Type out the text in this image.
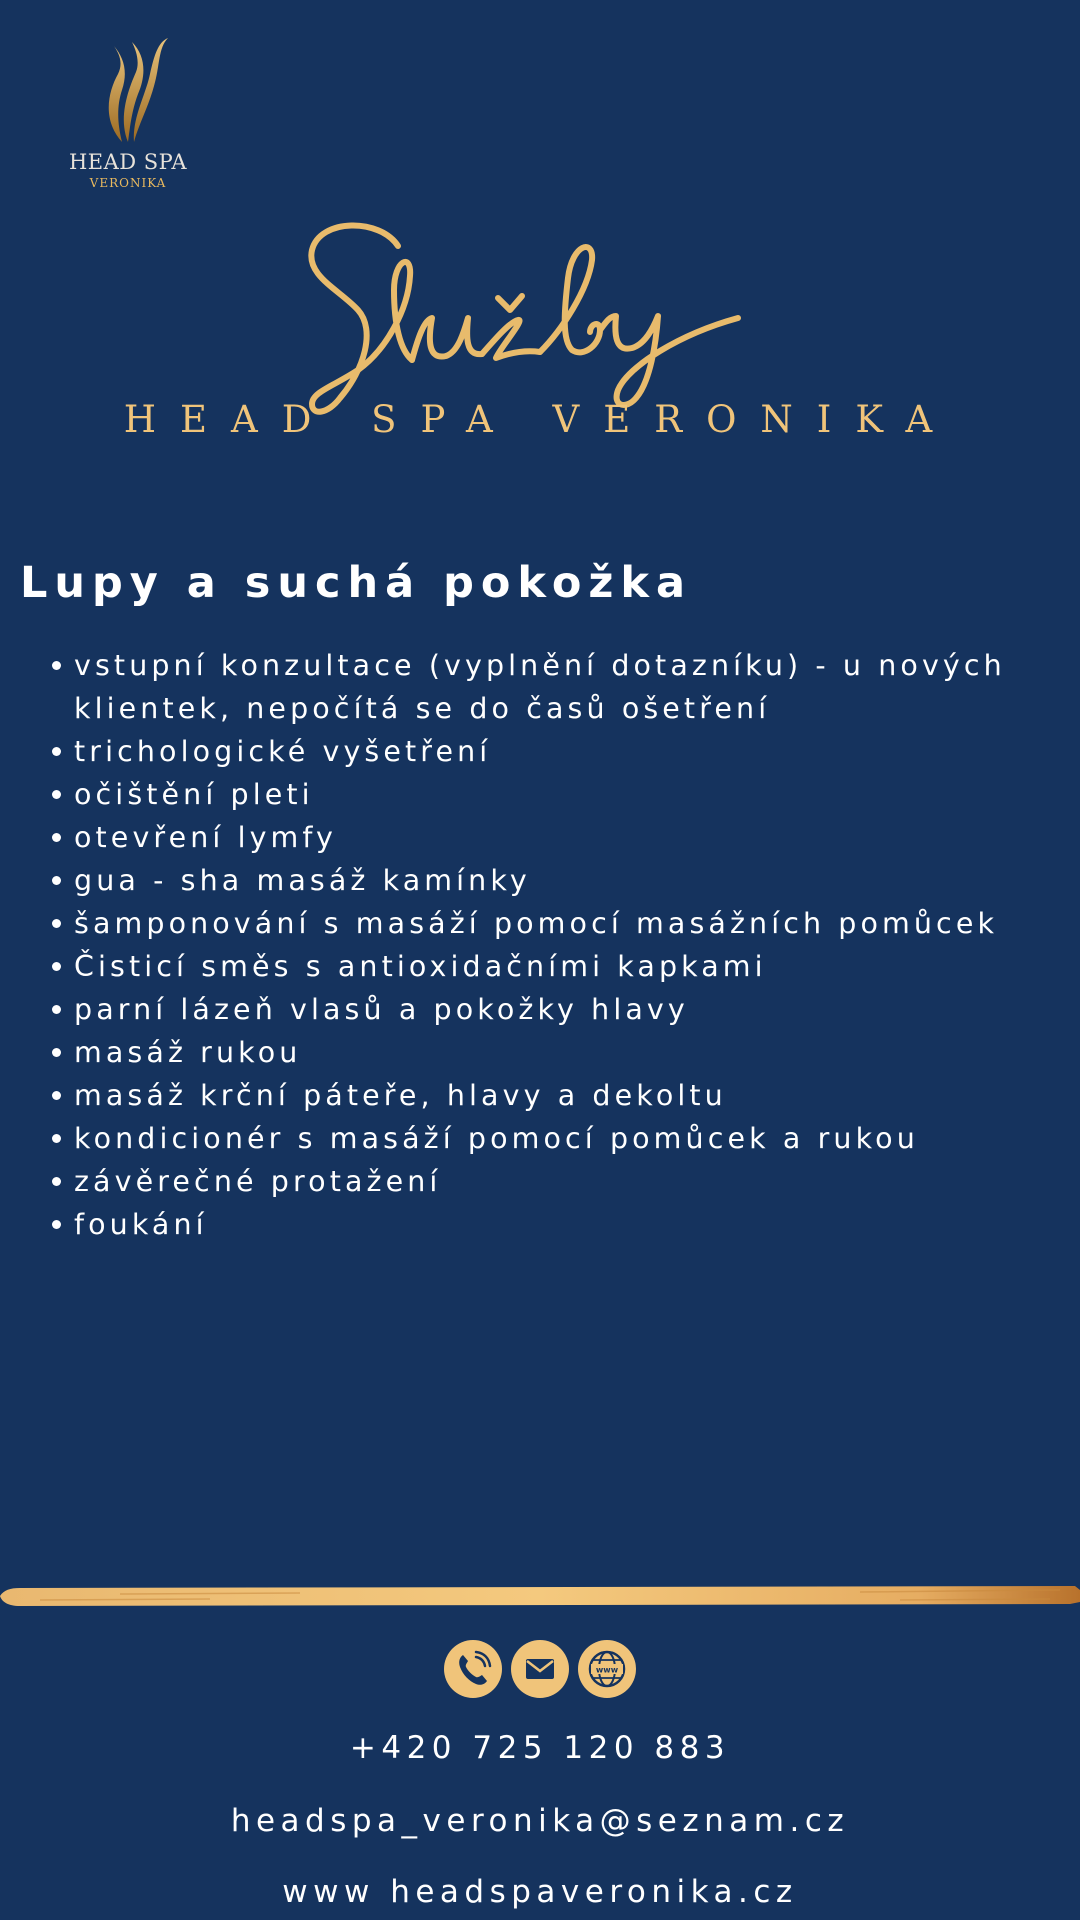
HEAD SPA
VERONIKA
HEAD SPA VERONIKA
Lupy a suchá pokožka
vstupní konzultace (vyplnění dotazníku) - u nových klientek, nepočítá se do časů ošetření
trichologické vyšetření
očištění pleti
otevření lymfy
gua - sha masáž kamínky
šamponování s masáží pomocí masážních pomůcek
Čisticí směs s antioxidačními kapkami
parní lázeň vlasů a pokožky hlavy
masáž rukou
masáž krční páteře, hlavy a dekoltu
kondicionér s masáží pomocí pomůcek a rukou
závěrečné protažení
foukání
www
+420 725 120 883
headspa_veronika@seznam.cz
www headspaveronika.cz
